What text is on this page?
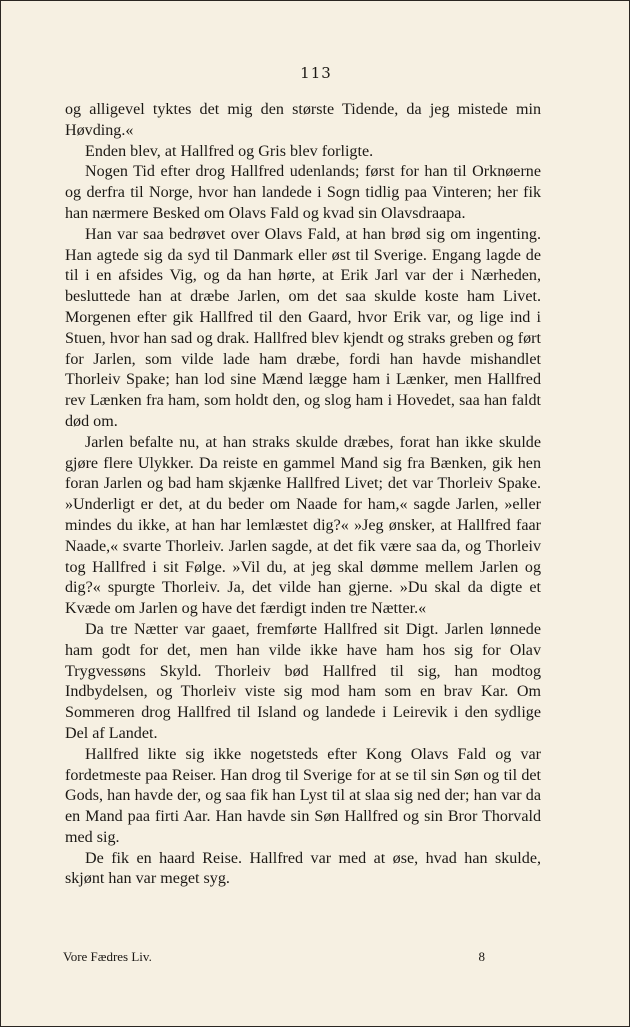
113

og alligevel tyktes det mig den største Tidende, da jeg mistede min Høvding.«

Enden blev, at Hallfred og Gris blev forligte.

Nogen Tid efter drog Hallfred udenlands; først for han til Orknøerne og derfra til Norge, hvor han landede i Sogn tidlig paa Vinteren; her fik han nærmere Besked om Olavs Fald og kvad sin Olavsdraapa.

Han var saa bedrøvet over Olavs Fald, at han brød sig om ingenting. Han agtede sig da syd til Danmark eller øst til Sverige. Engang lagde de til i en afsides Vig, og da han hørte, at Erik Jarl var der i Nærheden, besluttede han at dræbe Jarlen, om det saa skulde koste ham Livet. Morgenen efter gik Hallfred til den Gaard, hvor Erik var, og lige ind i Stuen, hvor han sad og drak. Hallfred blev kjendt og straks greben og ført for Jarlen, som vilde lade ham dræbe, fordi han havde mishandlet Thorleiv Spake; han lod sine Mænd lægge ham i Lænker, men Hallfred rev Lænken fra ham, som holdt den, og slog ham i Hovedet, saa han faldt død om.

Jarlen befalte nu, at han straks skulde dræbes, forat han ikke skulde gjøre flere Ulykker. Da reiste en gammel Mand sig fra Bænken, gik hen foran Jarlen og bad ham skjænke Hallfred Livet; det var Thorleiv Spake. »Underligt er det, at du beder om Naade for ham,« sagde Jarlen, »eller mindes du ikke, at han har lemlæstet dig?« »Jeg ønsker, at Hallfred faar Naade,« svarte Thorleiv. Jarlen sagde, at det fik være saa da, og Thorleiv tog Hallfred i sit Følge. »Vil du, at jeg skal dømme mellem Jarlen og dig?« spurgte Thorleiv. Ja, det vilde han gjerne. »Du skal da digte et Kvæde om Jarlen og have det færdigt inden tre Nætter.«

Da tre Nætter var gaaet, fremførte Hallfred sit Digt. Jarlen lønnede ham godt for det, men han vilde ikke have ham hos sig for Olav Trygvessøns Skyld. Thorleiv bød Hallfred til sig, han modtog Indbydelsen, og Thorleiv viste sig mod ham som en brav Kar. Om Sommeren drog Hallfred til Island og landede i Leirevik i den sydlige Del af Landet.

Hallfred likte sig ikke nogetsteds efter Kong Olavs Fald og var fordetmeste paa Reiser. Han drog til Sverige for at se til sin Søn og til det Gods, han havde der, og saa fik han Lyst til at slaa sig ned der; han var da en Mand paa firti Aar. Han havde sin Søn Hallfred og sin Bror Thorvald med sig.

De fik en haard Reise. Hallfred var med at øse, hvad han skulde, skjønt han var meget syg.

Vore Fædres Liv.	8
